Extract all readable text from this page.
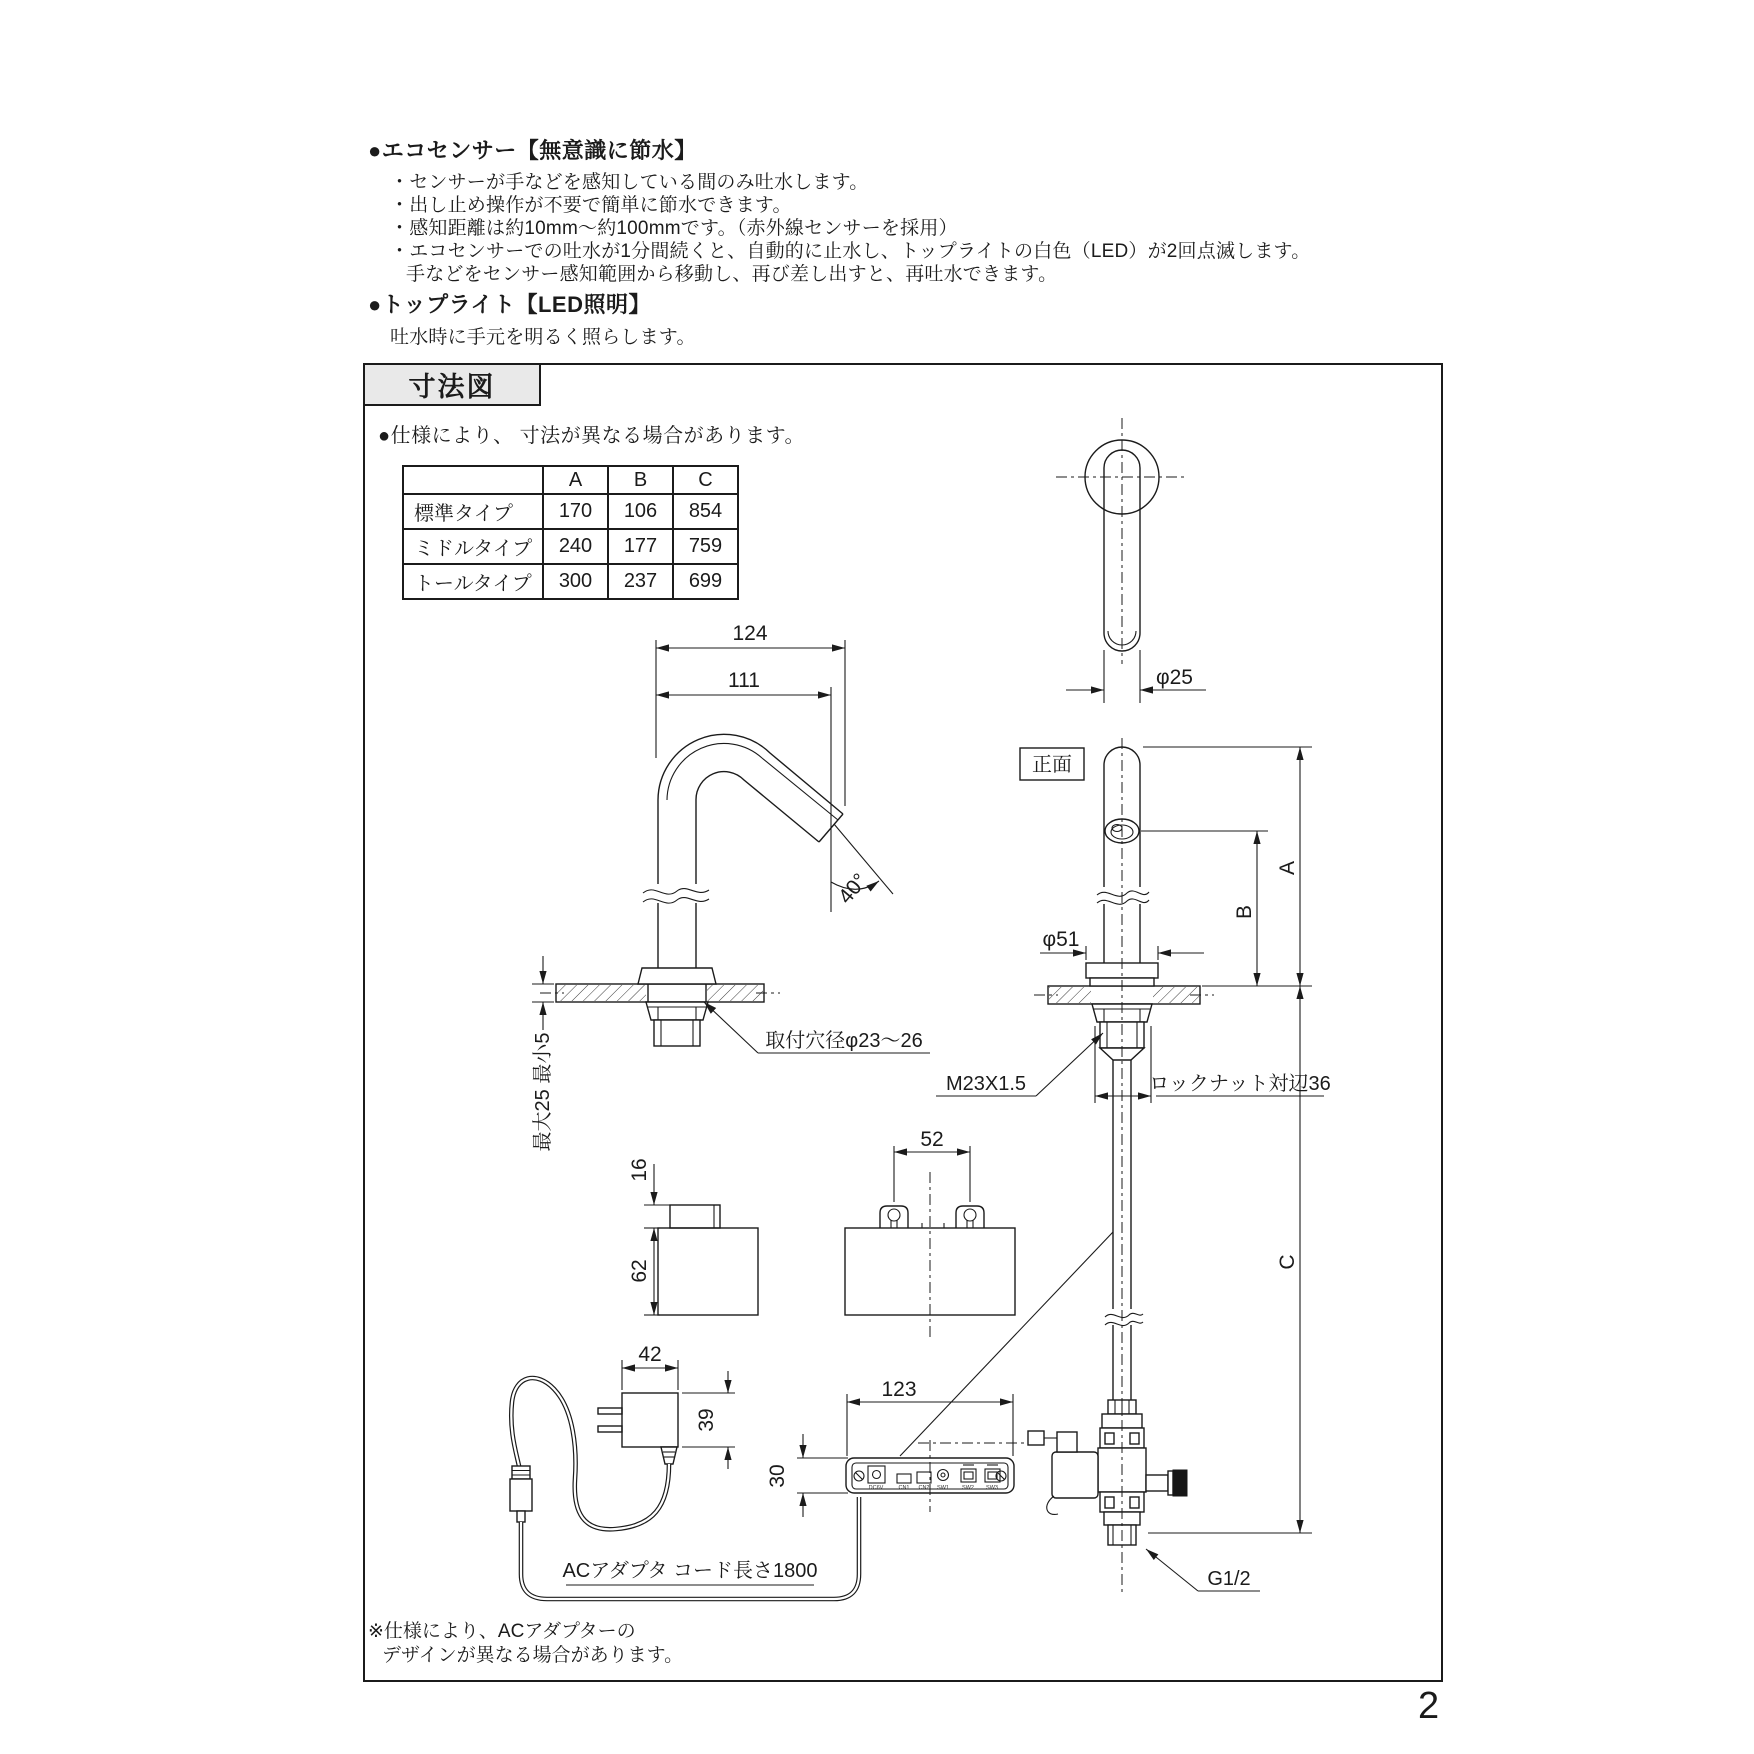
●エコセンサー【無意識に節水】
・センサーが手などを感知している間のみ吐水します。
・出し止め操作が不要で簡単に節水できます。
・感知距離は約10mm～約100mmです。（赤外線センサーを採用）
・エコセンサーでの吐水が1分間続くと、自動的に止水し、トップライトの白色（LED）が2回点滅します。
手などをセンサー感知範囲から移動し、再び差し出すと、再吐水できます。
●トップライト【LED照明】
吐水時に手元を明るく照らします。
寸法図
●仕様により、 寸法が異なる場合があります。
	A	B	C
標準タイプ	170	106	854
ミドルタイプ	240	177	759
トールタイプ	300	237	699
124
111
40°
最大25 最小5	取付穴径φ23～26
φ25
正面
φ51
A
B
C
M23X1.5	ロックナット対辺36
G1/2
16
62
52
DC6V	CN1 CN2 SW1 SW2 SW3
123
30
42
39
ACアダプタ コード長さ1800
※仕様により、ACアダプターの
デザインが異なる場合があります。
2
